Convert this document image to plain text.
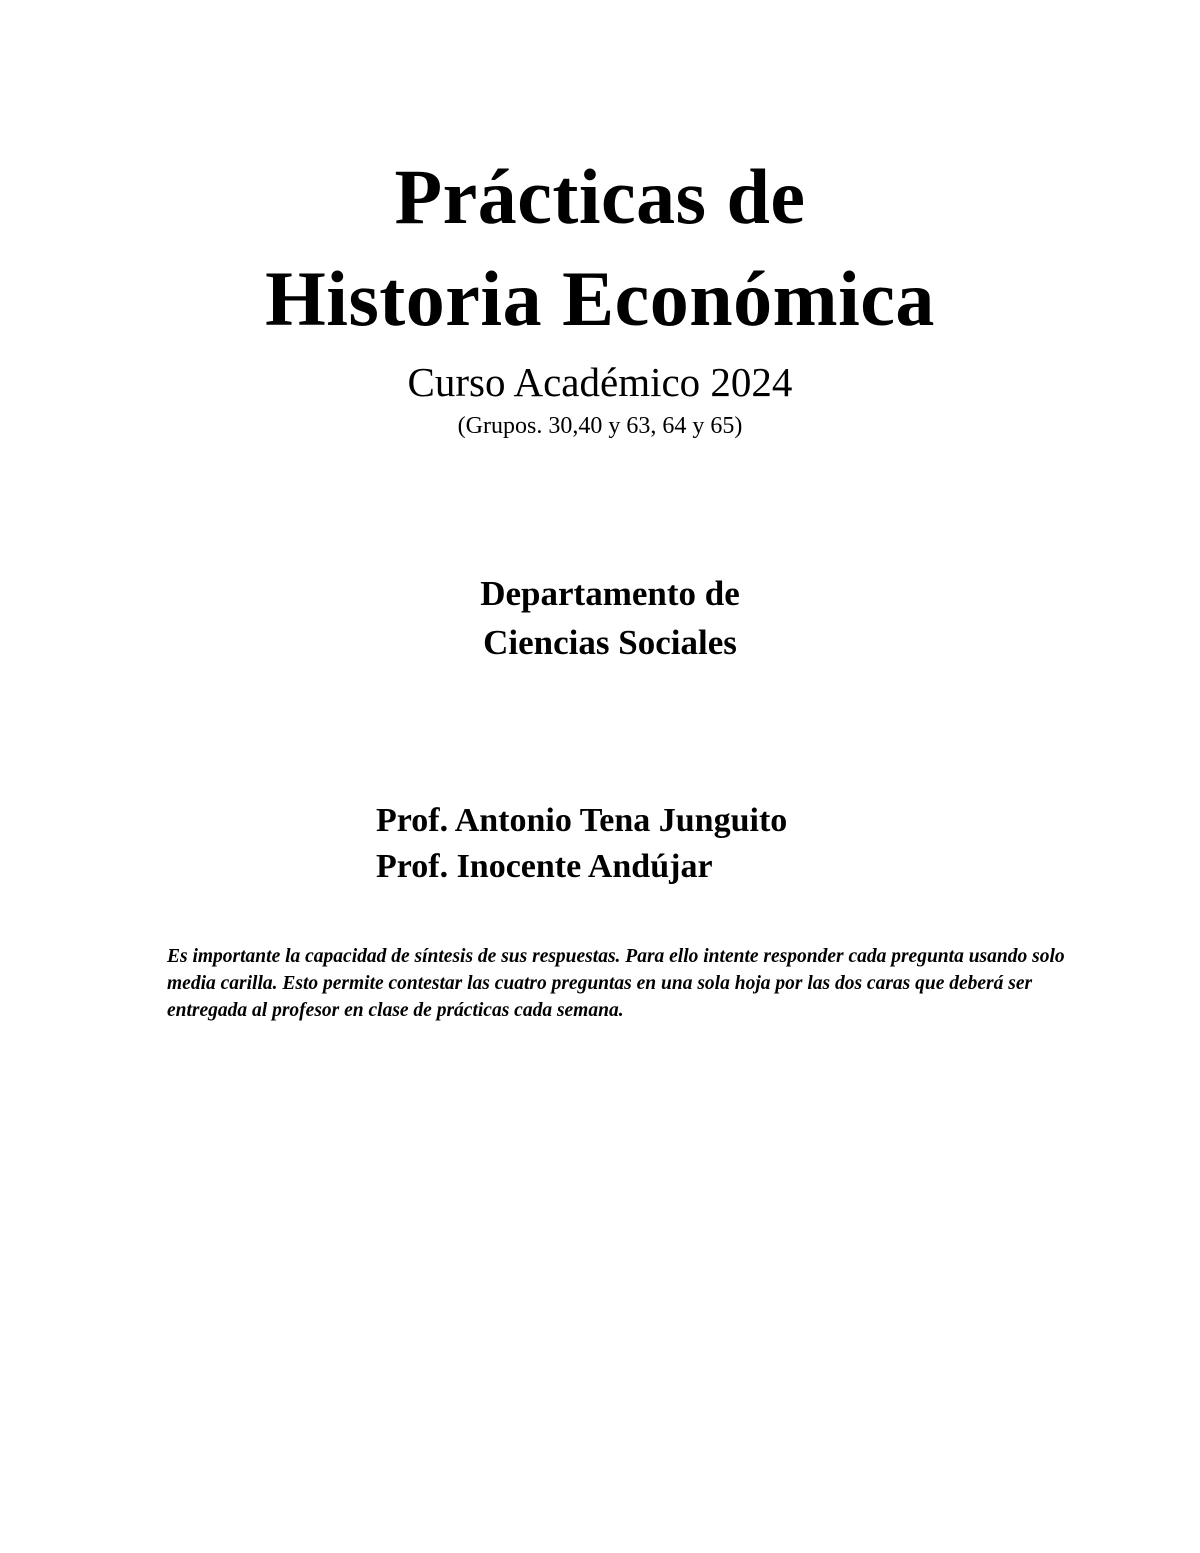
Prácticas de
Historia Económica
Curso Académico 2024
(Grupos. 30,40 y 63, 64 y 65)
Departamento de
Ciencias Sociales
Prof. Antonio Tena Junguito
Prof. Inocente Andújar
Es importante la capacidad de síntesis de sus respuestas. Para ello intente responder cada pregunta usando solo media carilla. Esto permite contestar las cuatro preguntas en una sola hoja por las dos caras que deberá ser entregada al profesor en clase de prácticas cada semana.
